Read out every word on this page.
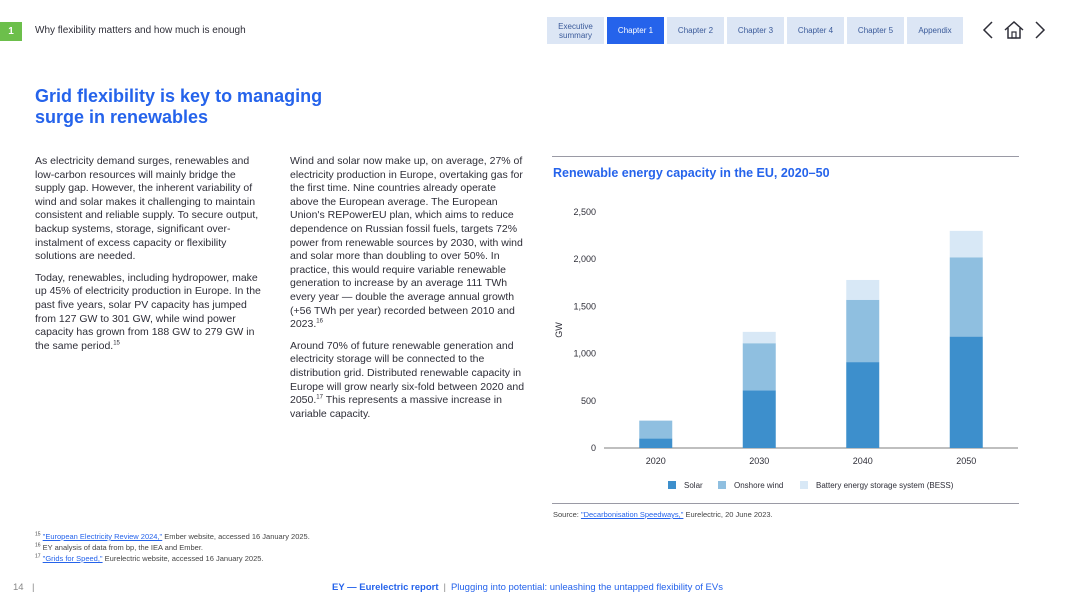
1	Why flexibility matters and how much is enough	Executive summary	Chapter 1	Chapter 2	Chapter 3	Chapter 4	Chapter 5	Appendix
Grid flexibility is key to managing surge in renewables

As electricity demand surges, renewables and low-carbon resources will mainly bridge the supply gap. However, the inherent variability of wind and solar makes it challenging to maintain consistent and reliable supply. To secure output, backup systems, storage, significant over-instalment of excess capacity or flexibility solutions are needed.

Today, renewables, including hydropower, make up 45% of electricity production in Europe. In the past five years, solar PV capacity has jumped from 127 GW to 301 GW, while wind power capacity has grown from 188 GW to 279 GW in the same period.$^{15}$

Wind and solar now make up, on average, 27% of electricity production in Europe, overtaking gas for the first time. Nine countries already operate above the European average. The European Union's REPowerEU plan, which aims to reduce dependence on Russian fossil fuels, targets 72% power from renewable sources by 2030, with wind and solar more than doubling to over 50%. In practice, this would require variable renewable generation to increase by an average 111 TWh every year — double the average annual growth (+56 TWh per year) recorded between 2010 and 2023.16

Around 70% of future renewable generation and electricity storage will be connected to the distribution grid. Distributed renewable capacity in Europe will grow nearly six-fold between 2020 and 2050.17 This represents a massive increase in variable capacity.

Renewable energy capacity in the EU, 2020–50
0
500
1,000
1,500
2,000
2,500
GW
2020	2030	2040	2050
Solar	Onshore wind	Battery energy storage system (BESS)
Source: "Decarbonisation Speedways," Eurelectric, 20 June 2023.
$^{15}$ "European Electricity Review 2024," Ember website, accessed 16 January 2025.
$^{16}$ EY analysis of data from bp, the IEA and Ember.
$^{17}$ "Grids for Speed," Eurelectric website, accessed 16 January 2025.
14 |	EY — Eurelectric report | Plugging into potential: unleashing the untapped flexibility of EVs
